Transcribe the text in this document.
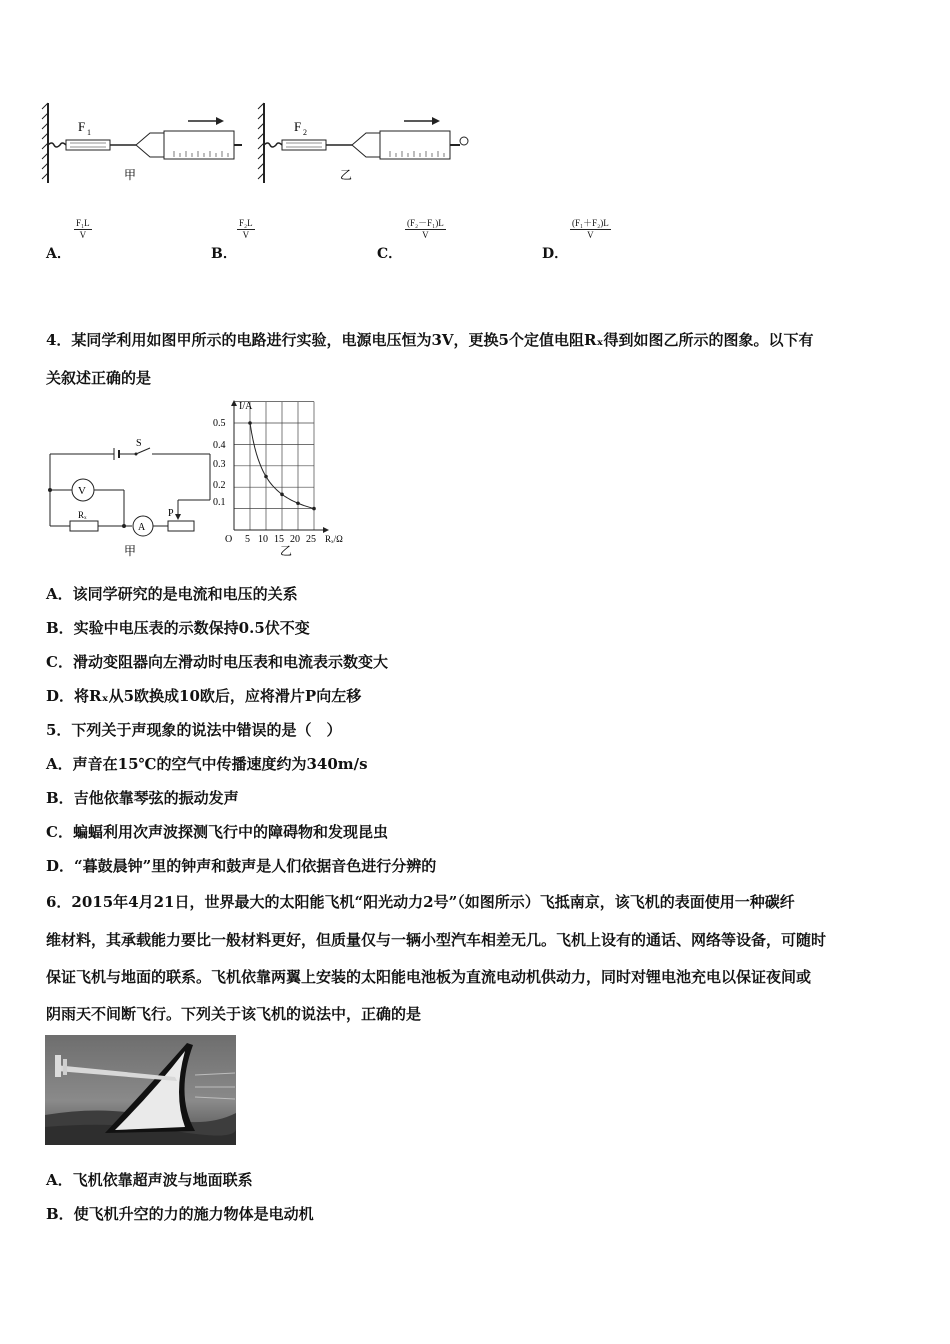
F 1
甲
F 2
乙
A．
$\frac{\text{F₁L}}{V}$
B．
$\frac{\text{F₂L}}{V}$
C．
$\frac{\text{(F₂－F₁)L}}{V}$
D．
$\frac{\text{(F₁＋F₂)L}}{V}$
4．某同学利用如图甲所示的电路进行实验，电源电压恒为3V，更换5个定值电阻Rₓ得到如图乙所示的图象。以下有
关叙述正确的是
S
V
A
Rₓ	P
甲
I/A
O	Rₓ/Ω
0.5
0.4
0.3
0.2
0.1
5 10 15 20 25
乙
A．该同学研究的是电流和电压的关系
B．实验中电压表的示数保持0.5伏不变
C．滑动变阻器向左滑动时电压表和电流表示数变大
D．将Rₓ从5欧换成10欧后，应将滑片P向左移
5．下列关于声现象的说法中错误的是（　）
A．声音在15℃的空气中传播速度约为340m/s
B．吉他依靠琴弦的振动发声
C．蝙蝠利用次声波探测飞行中的障碍物和发现昆虫
D．“暮鼓晨钟”里的钟声和鼓声是人们依据音色进行分辨的
6．2015年4月21日，世界最大的太阳能飞机“阳光动力2号”（如图所示）飞抵南京，该飞机的表面使用一种碳纤
维材料，其承载能力要比一般材料更好，但质量仅与一辆小型汽车相差无几。飞机上设有的通话、网络等设备，可随时
保证飞机与地面的联系。飞机依靠两翼上安装的太阳能电池板为直流电动机供动力，同时对锂电池充电以保证夜间或
阴雨天不间断飞行。下列关于该飞机的说法中，正确的是
A．飞机依靠超声波与地面联系
B．使飞机升空的力的施力物体是电动机
